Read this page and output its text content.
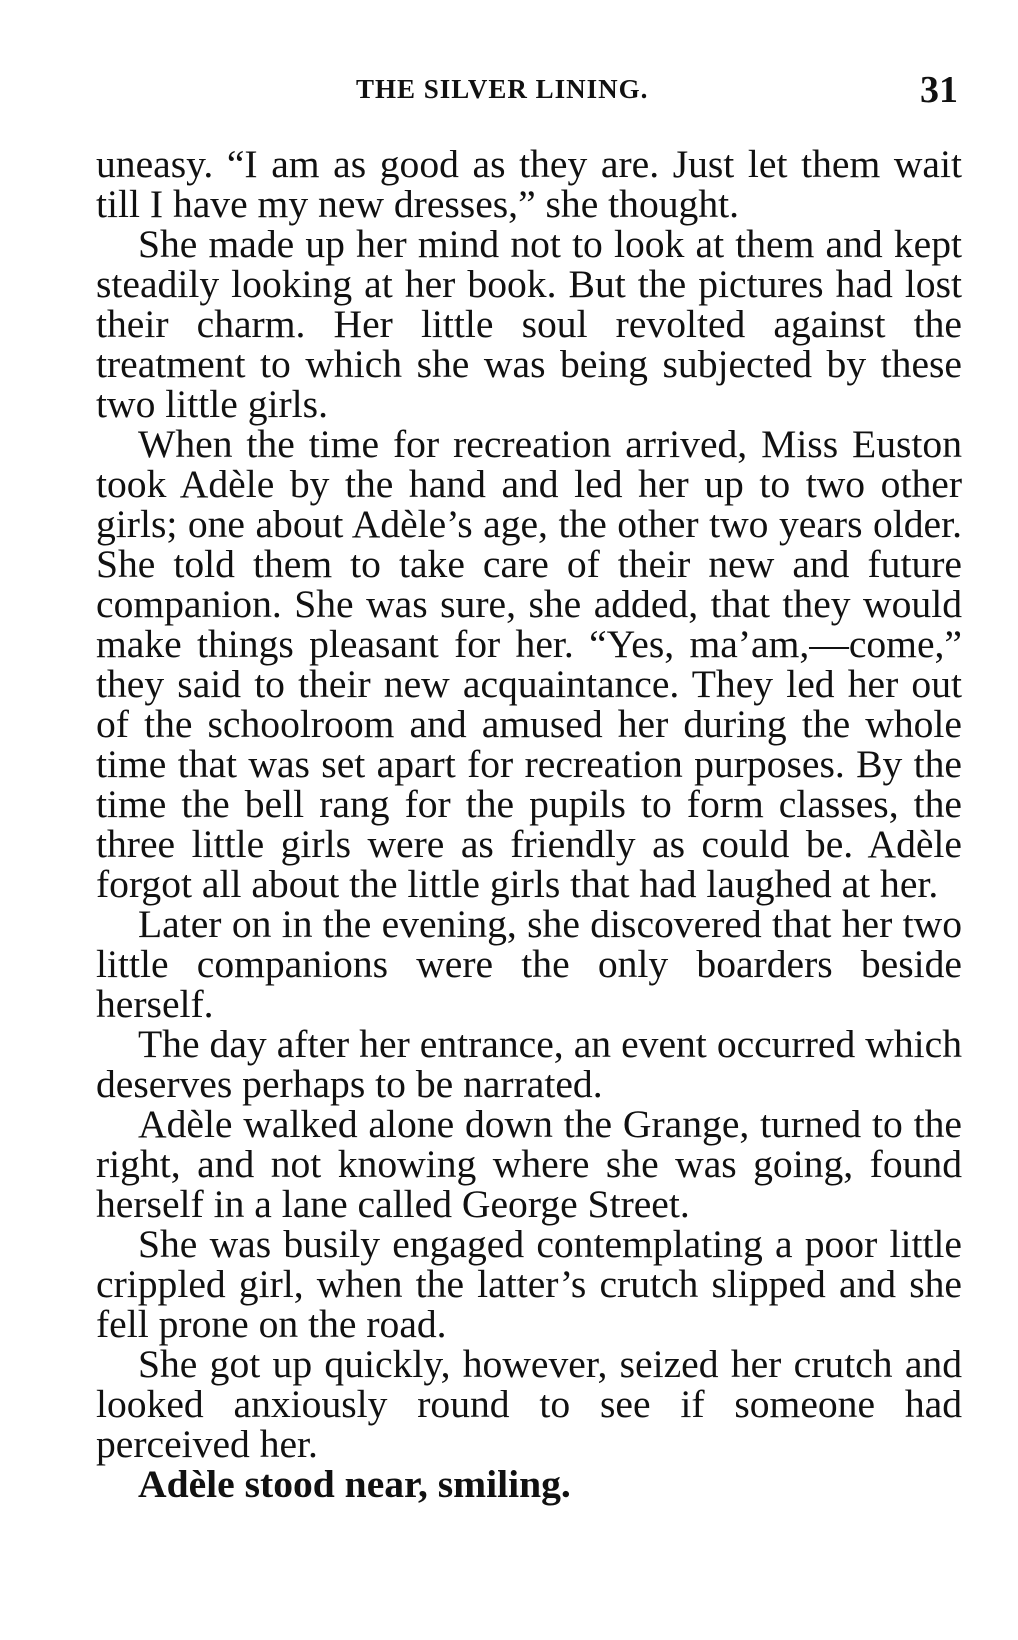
THE SILVER LINING.	31

uneasy. “I am as good as they are. Just let them wait till I have my new dresses,” she thought.

She made up her mind not to look at them and kept steadily looking at her book. But the pictures had lost their charm. Her little soul revolted against the treatment to which she was being subjected by these two little girls.

When the time for recreation arrived, Miss Euston took Adèle by the hand and led her up to two other girls; one about Adèle’s age, the other two years older. She told them to take care of their new and future companion. She was sure, she added, that they would make things pleasant for her. “Yes, ma’am,—come,” they said to their new acquaintance. They led her out of the schoolroom and amused her during the whole time that was set apart for recreation purposes. By the time the bell rang for the pupils to form classes, the three little girls were as friendly as could be. Adèle forgot all about the little girls that had laughed at her.

Later on in the evening, she discovered that her two little companions were the only boarders beside herself.

The day after her entrance, an event occurred which deserves perhaps to be narrated.

Adèle walked alone down the Grange, turned to the right, and not knowing where she was going, found herself in a lane called George Street.

She was busily engaged contemplating a poor little crippled girl, when the latter’s crutch slipped and she fell prone on the road.

She got up quickly, however, seized her crutch and looked anxiously round to see if someone had perceived her.

Adèle stood near, smiling.
